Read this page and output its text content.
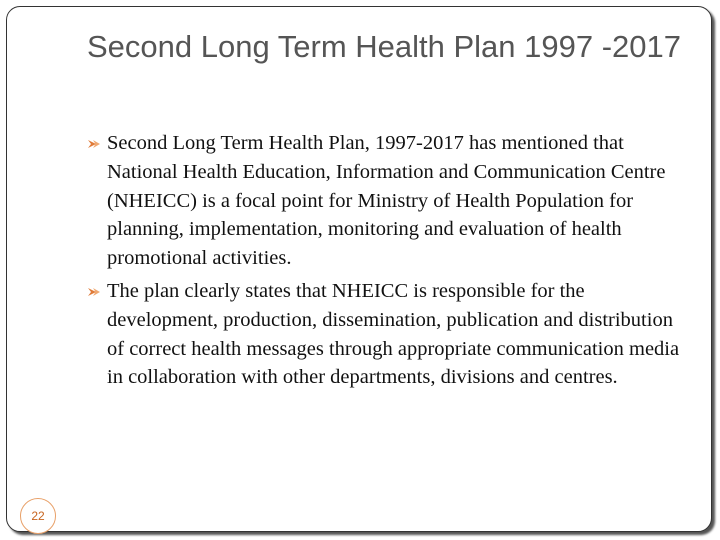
Second Long Term Health Plan 1997 -2017
Second Long Term Health Plan, 1997-2017 has mentioned that National Health Education, Information and Communication Centre (NHEICC) is a focal point for Ministry of Health Population for planning, implementation, monitoring and evaluation of health promotional activities.
The plan clearly states that NHEICC is responsible for the development, production, dissemination, publication and distribution of correct health messages through appropriate communication media in collaboration with other departments, divisions and centres.
22
